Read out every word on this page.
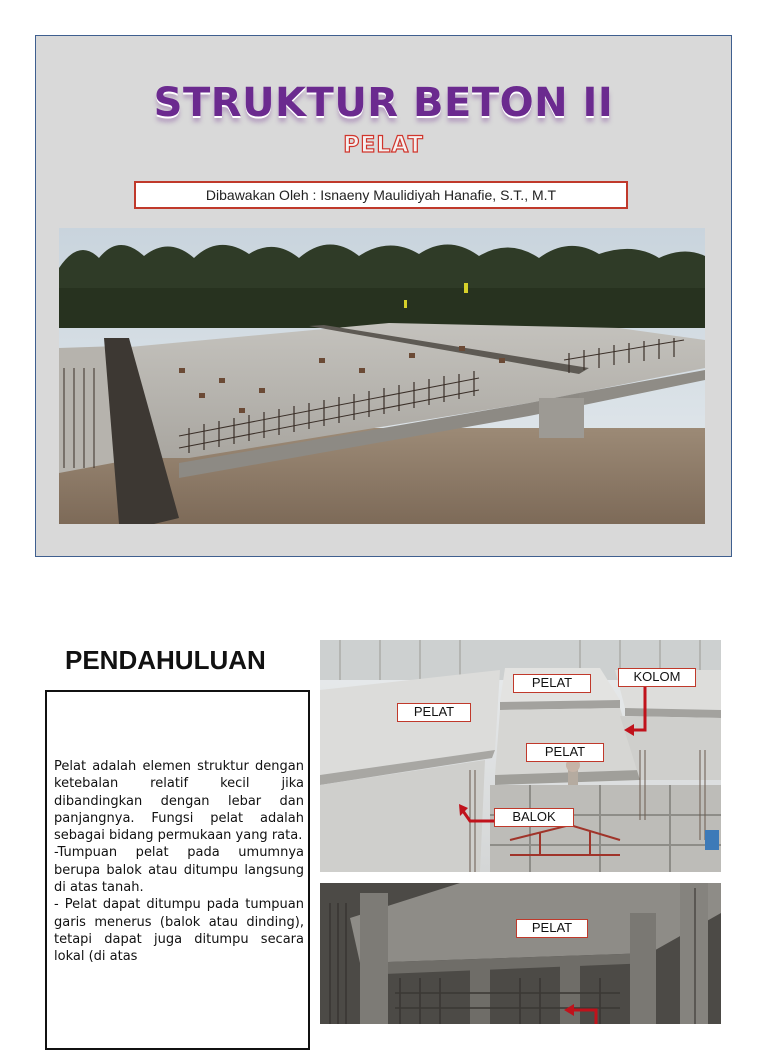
STRUKTUR BETON II
PELAT
Dibawakan Oleh : Isnaeny Maulidiyah Hanafie, S.T., M.T
PENDAHULUAN

Pelat adalah elemen struktur dengan ketebalan relatif kecil jika dibandingkan dengan lebar dan panjangnya. Fungsi pelat adalah sebagai bidang permukaan yang rata.

-Tumpuan pelat pada umumnya berupa balok atau ditumpu langsung di atas tanah.

- Pelat dapat ditumpu pada tumpuan garis menerus (balok atau dinding), tetapi dapat juga ditumpu secara lokal (di atas

PELAT
PELAT	KOLOM
PELAT
BALOK
PELAT
